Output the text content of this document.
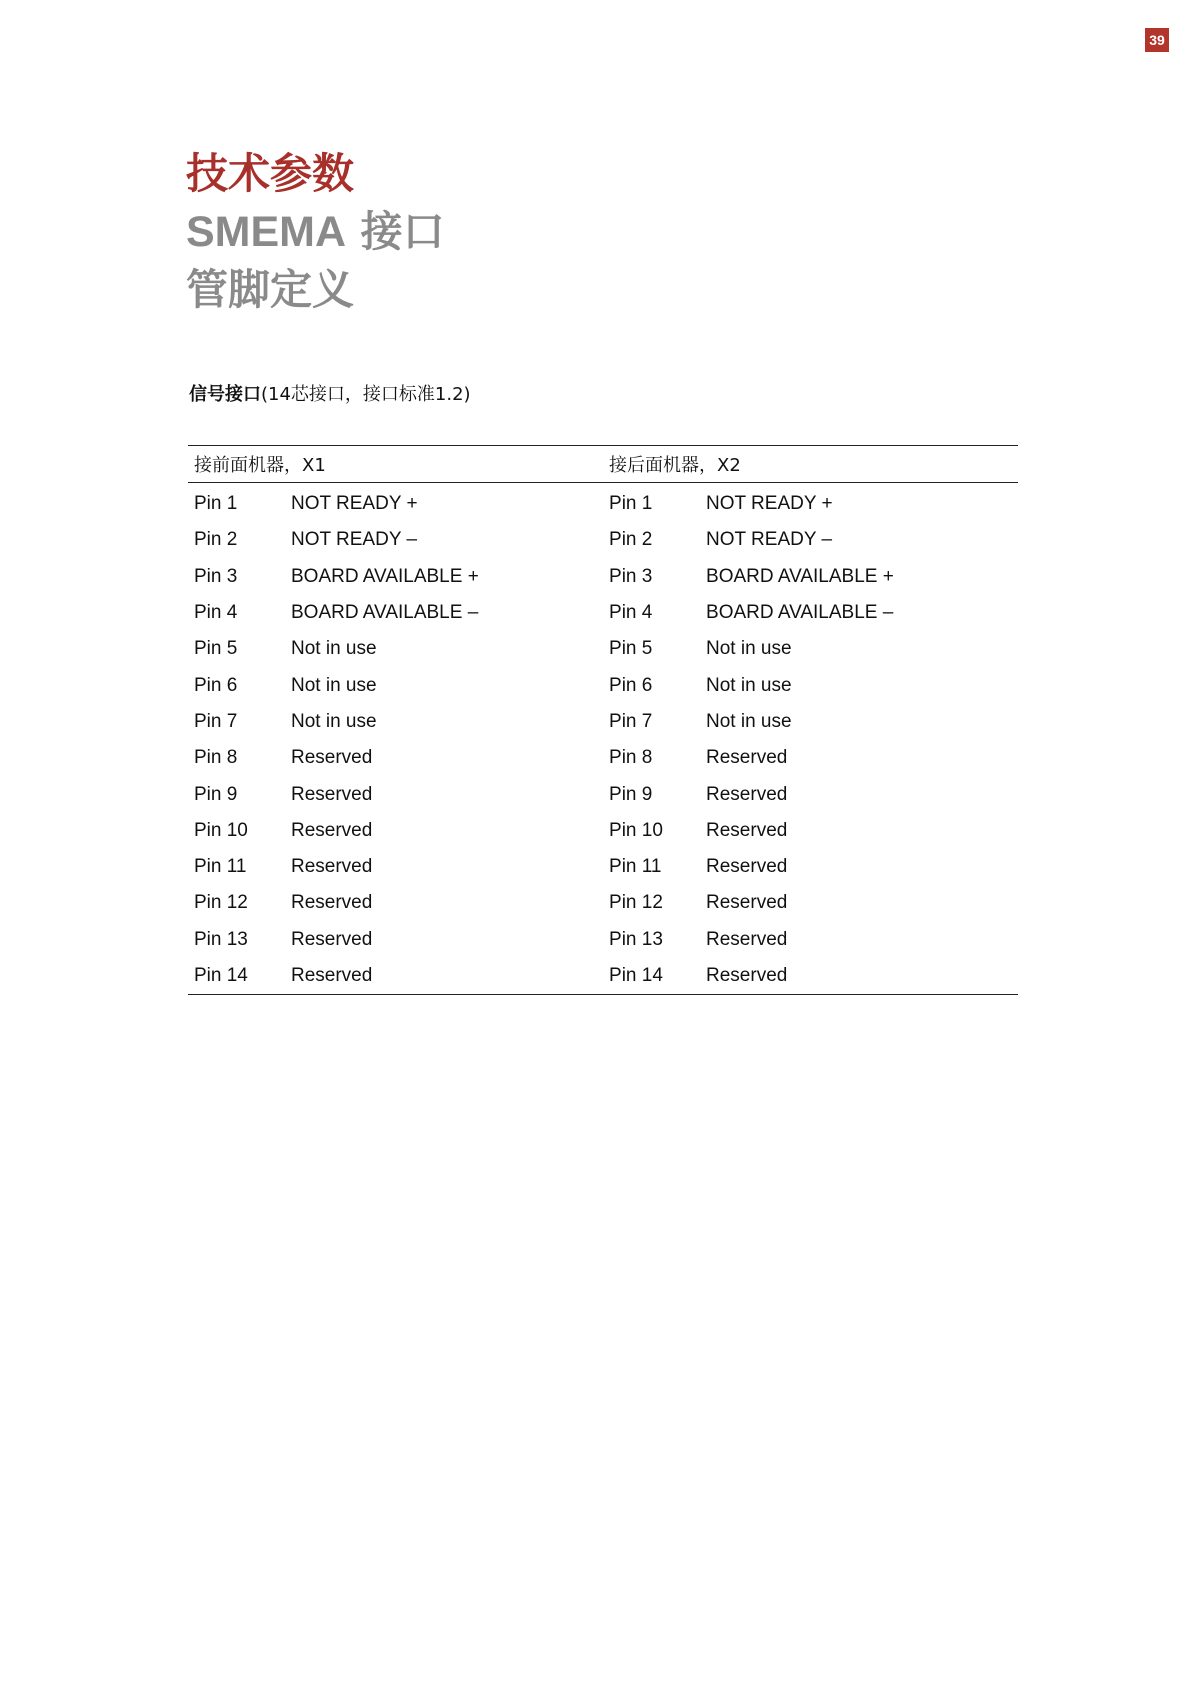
39
技术参数
SMEMA 接口
管脚定义
信号接口(14芯接口，接口标准1.2)
接前面机器，X1		接后面机器，X2	
Pin 1	NOT READY +	Pin 1	NOT READY +
Pin 2	NOT READY –	Pin 2	NOT READY –
Pin 3	BOARD AVAILABLE +	Pin 3	BOARD AVAILABLE +
Pin 4	BOARD AVAILABLE –	Pin 4	BOARD AVAILABLE –
Pin 5	Not in use	Pin 5	Not in use
Pin 6	Not in use	Pin 6	Not in use
Pin 7	Not in use	Pin 7	Not in use
Pin 8	Reserved	Pin 8	Reserved
Pin 9	Reserved	Pin 9	Reserved
Pin 10	Reserved	Pin 10	Reserved
Pin 11	Reserved	Pin 11	Reserved
Pin 12	Reserved	Pin 12	Reserved
Pin 13	Reserved	Pin 13	Reserved
Pin 14	Reserved	Pin 14	Reserved
